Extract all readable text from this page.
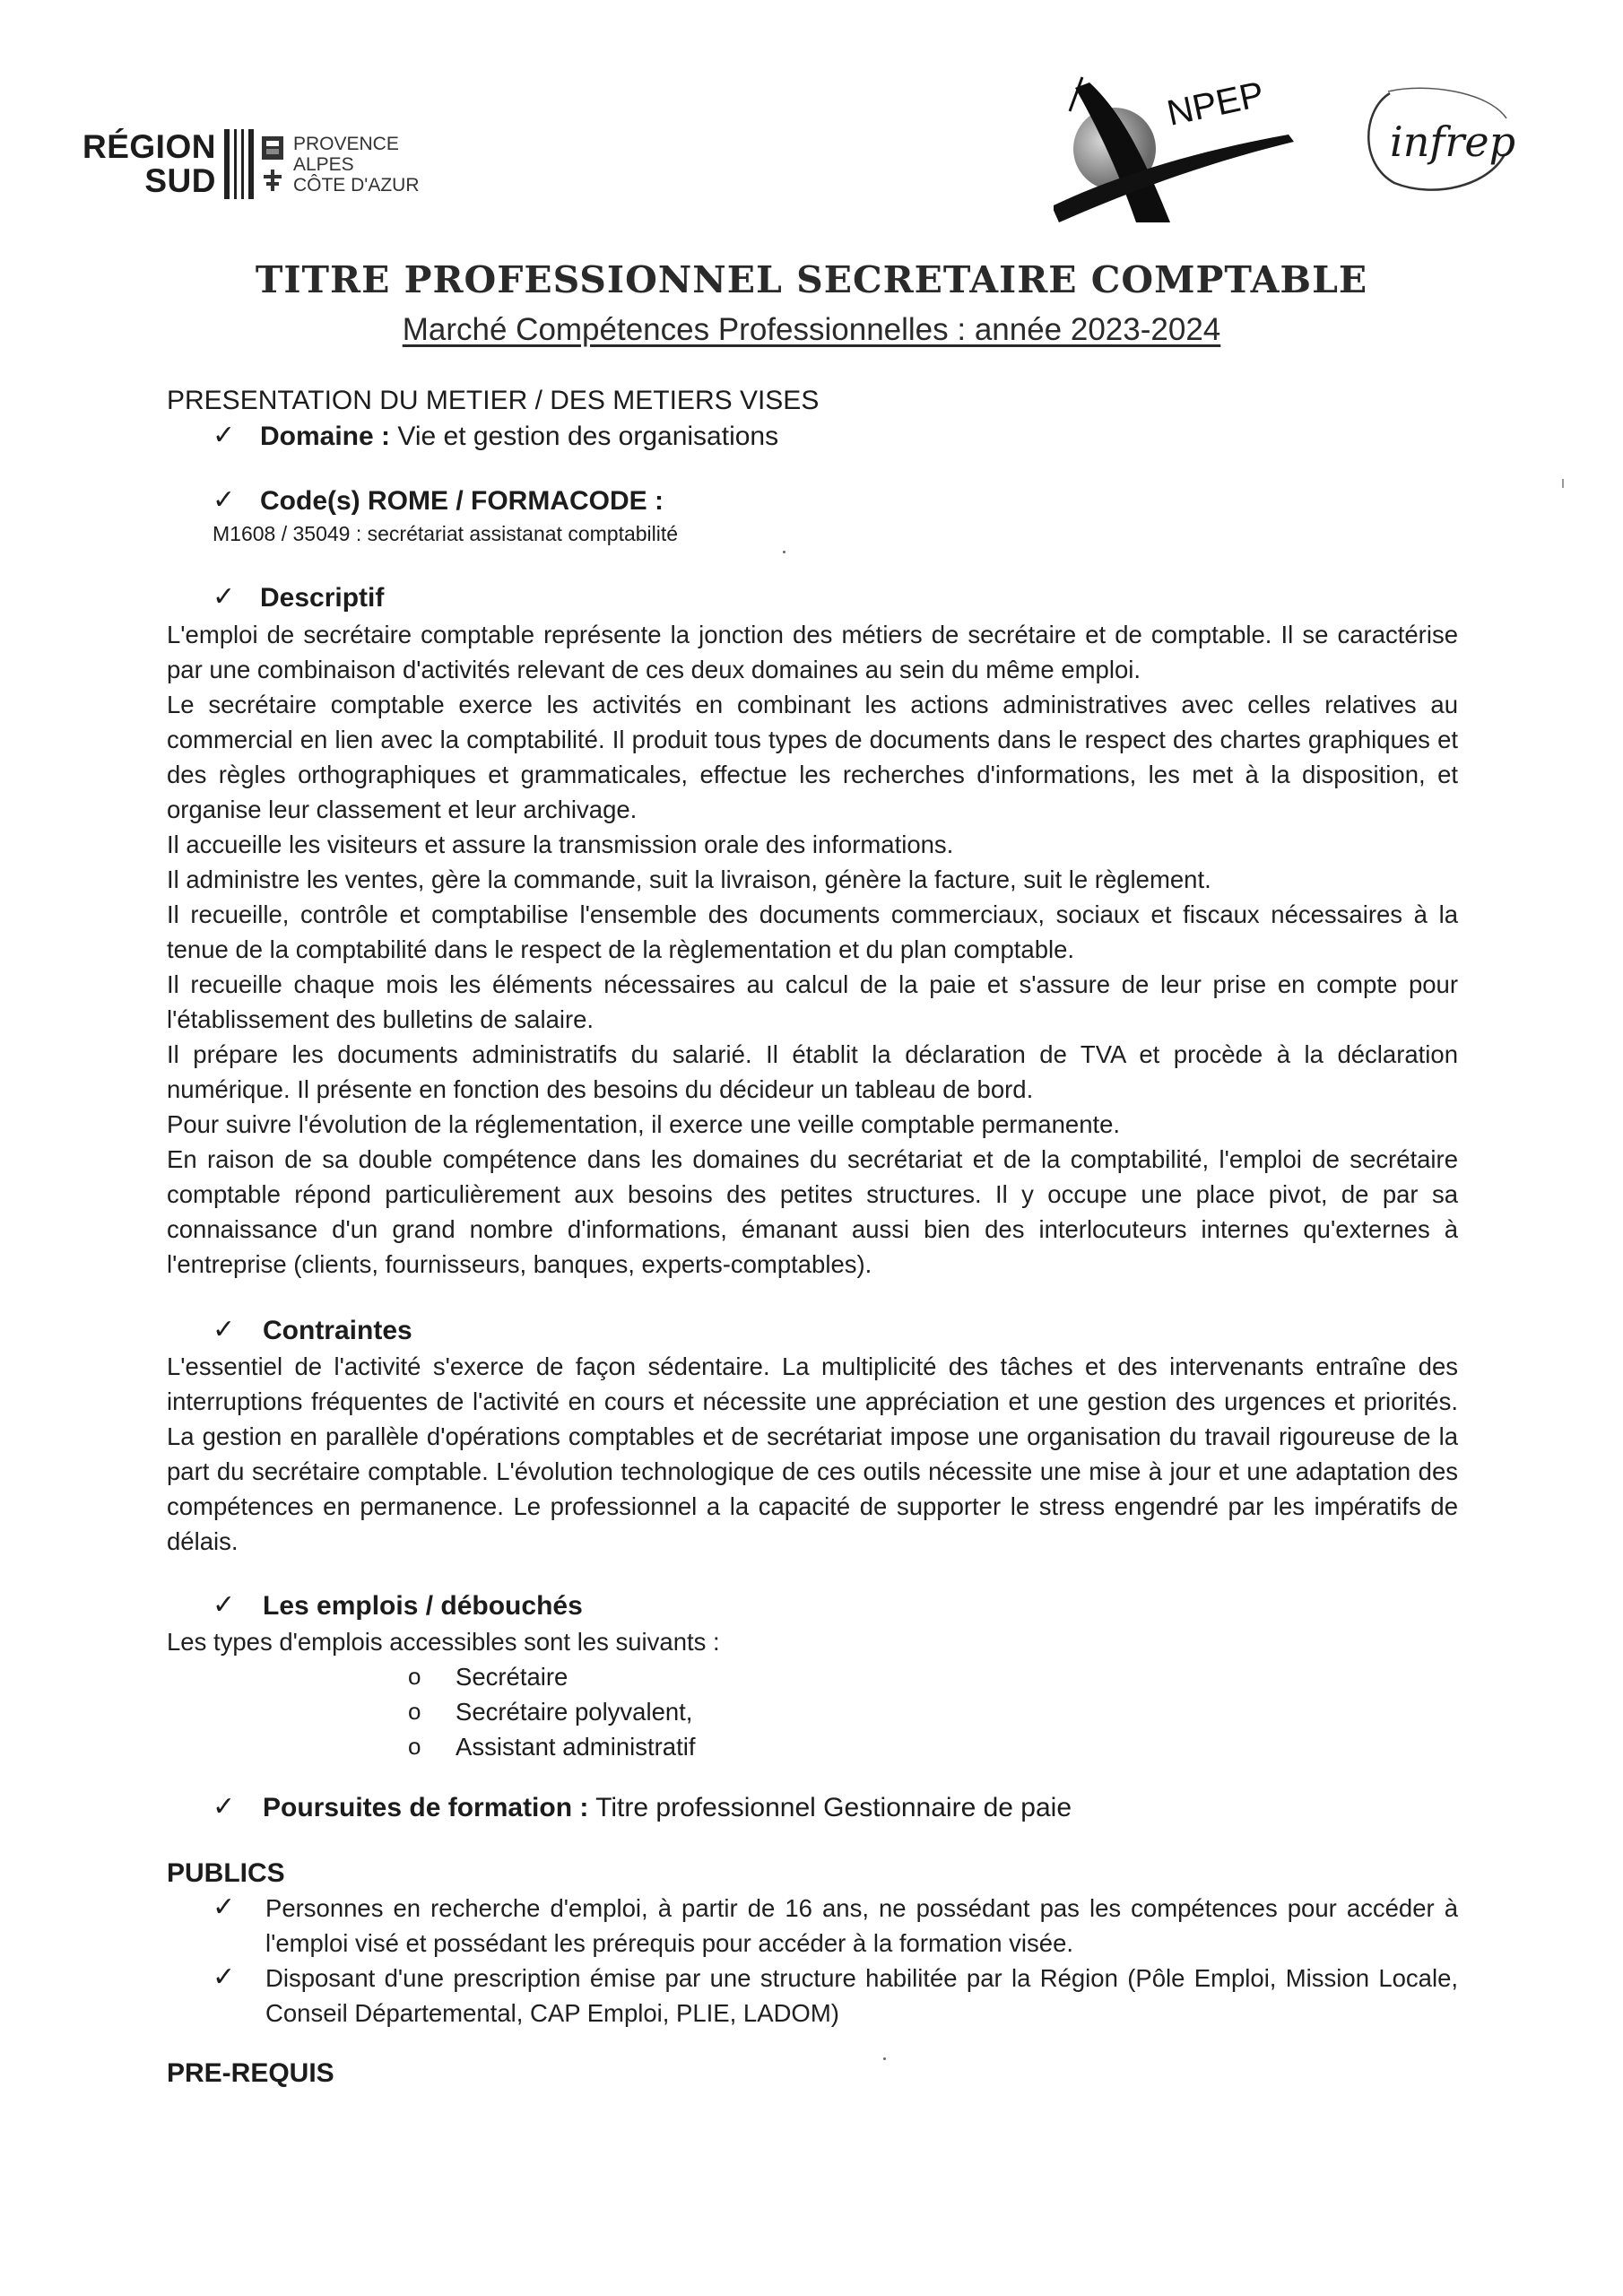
RÉGION
SUD
PROVENCE
ALPES
CÔTE D'AZUR
NPEP
infrep
TITRE PROFESSIONNEL SECRETAIRE COMPTABLE
Marché Compétences Professionnelles : année 2023-2024
PRESENTATION DU METIER / DES METIERS VISES
✓ Domaine : Vie et gestion des organisations
✓ Code(s) ROME / FORMACODE :
M1608 / 35049 : secrétariat assistanat comptabilité
✓ Descriptif
L'emploi de secrétaire comptable représente la jonction des métiers de secrétaire et de comptable. Il se caractérise par une combinaison d'activités relevant de ces deux domaines au sein du même emploi.
Le secrétaire comptable exerce les activités en combinant les actions administratives avec celles relatives au commercial en lien avec la comptabilité. Il produit tous types de documents dans le respect des chartes graphiques et des règles orthographiques et grammaticales, effectue les recherches d'informations, les met à la disposition, et organise leur classement et leur archivage.
Il accueille les visiteurs et assure la transmission orale des informations.
Il administre les ventes, gère la commande, suit la livraison, génère la facture, suit le règlement.
Il recueille, contrôle et comptabilise l'ensemble des documents commerciaux, sociaux et fiscaux nécessaires à la tenue de la comptabilité dans le respect de la règlementation et du plan comptable.
Il recueille chaque mois les éléments nécessaires au calcul de la paie et s'assure de leur prise en compte pour l'établissement des bulletins de salaire.
Il prépare les documents administratifs du salarié. Il établit la déclaration de TVA et procède à la déclaration numérique. Il présente en fonction des besoins du décideur un tableau de bord.
Pour suivre l'évolution de la réglementation, il exerce une veille comptable permanente.
En raison de sa double compétence dans les domaines du secrétariat et de la comptabilité, l'emploi de secrétaire comptable répond particulièrement aux besoins des petites structures. Il y occupe une place pivot, de par sa connaissance d'un grand nombre d'informations, émanant aussi bien des interlocuteurs internes qu'externes à l'entreprise (clients, fournisseurs, banques, experts-comptables).
✓ Contraintes
L'essentiel de l'activité s'exerce de façon sédentaire. La multiplicité des tâches et des intervenants entraîne des interruptions fréquentes de l'activité en cours et nécessite une appréciation et une gestion des urgences et priorités. La gestion en parallèle d'opérations comptables et de secrétariat impose une organisation du travail rigoureuse de la part du secrétaire comptable. L'évolution technologique de ces outils nécessite une mise à jour et une adaptation des compétences en permanence. Le professionnel a la capacité de supporter le stress engendré par les impératifs de délais.
✓ Les emplois / débouchés
Les types d'emplois accessibles sont les suivants :
o Secrétaire
o Secrétaire polyvalent,
o Assistant administratif
✓ Poursuites de formation : Titre professionnel Gestionnaire de paie
PUBLICS
✓ Personnes en recherche d'emploi, à partir de 16 ans, ne possédant pas les compétences pour accéder à l'emploi visé et possédant les prérequis pour accéder à la formation visée.
✓ Disposant d'une prescription émise par une structure habilitée par la Région (Pôle Emploi, Mission Locale, Conseil Départemental, CAP Emploi, PLIE, LADOM)
PRE-REQUIS
